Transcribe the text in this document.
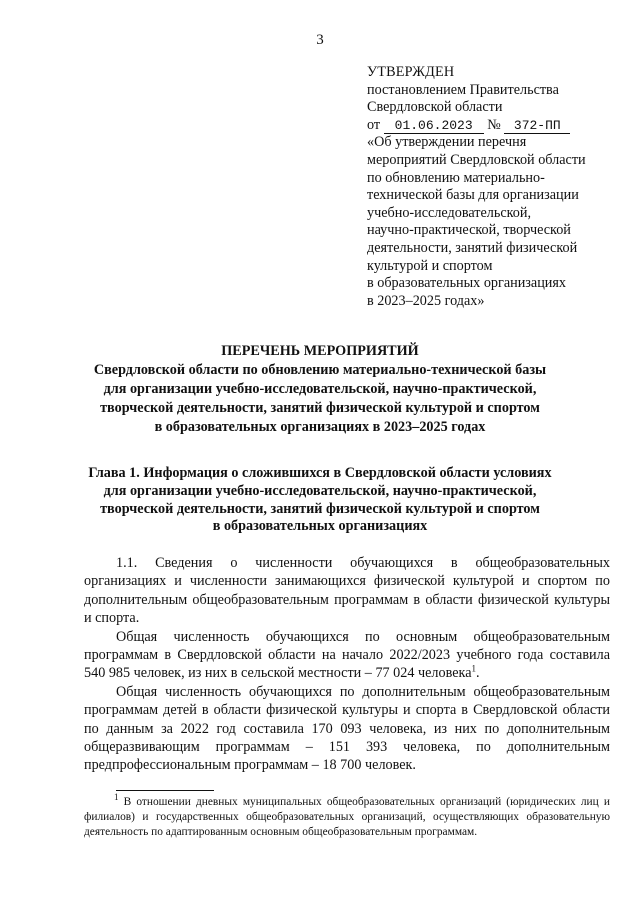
3
УТВЕРЖДЕН
постановлением Правительства
Свердловской области
от 01.06.2023 № 372-ПП
«Об утверждении перечня
мероприятий Свердловской области
по обновлению материально-
технической базы для организации
учебно-исследовательской,
научно-практической, творческой
деятельности, занятий физической
культурой и спортом
в образовательных организациях
в 2023–2025 годах»
ПЕРЕЧЕНЬ МЕРОПРИЯТИЙ
Свердловской области по обновлению материально-технической базы
для организации учебно-исследовательской, научно-практической,
творческой деятельности, занятий физической культурой и спортом
в образовательных организациях в 2023–2025 годах
Глава 1. Информация о сложившихся в Свердловской области условиях
для организации учебно-исследовательской, научно-практической,
творческой деятельности, занятий физической культурой и спортом
в образовательных организациях

1.1. Сведения о численности обучающихся в общеобразовательных организациях и численности занимающихся физической культурой и спортом по дополнительным общеобразовательным программам в области физической культуры и спорта.

Общая численность обучающихся по основным общеобразовательным программам в Свердловской области на начало 2022/2023 учебного года составила 540 985 человек, из них в сельской местности – 77 024 человека$^1$.

Общая численность обучающихся по дополнительным общеобразовательным программам детей в области физической культуры и спорта в Свердловской области по данным за 2022 год составила 170 093 человека, из них по дополнительным общеразвивающим программам – 151 393 человека, по дополнительным предпрофессиональным программам – 18 700 человек.

$^1$ В отношении дневных муниципальных общеобразовательных организаций (юридических лиц и филиалов) и государственных общеобразовательных организаций, осуществляющих образовательную деятельность по адаптированным основным общеобразовательным программам.
